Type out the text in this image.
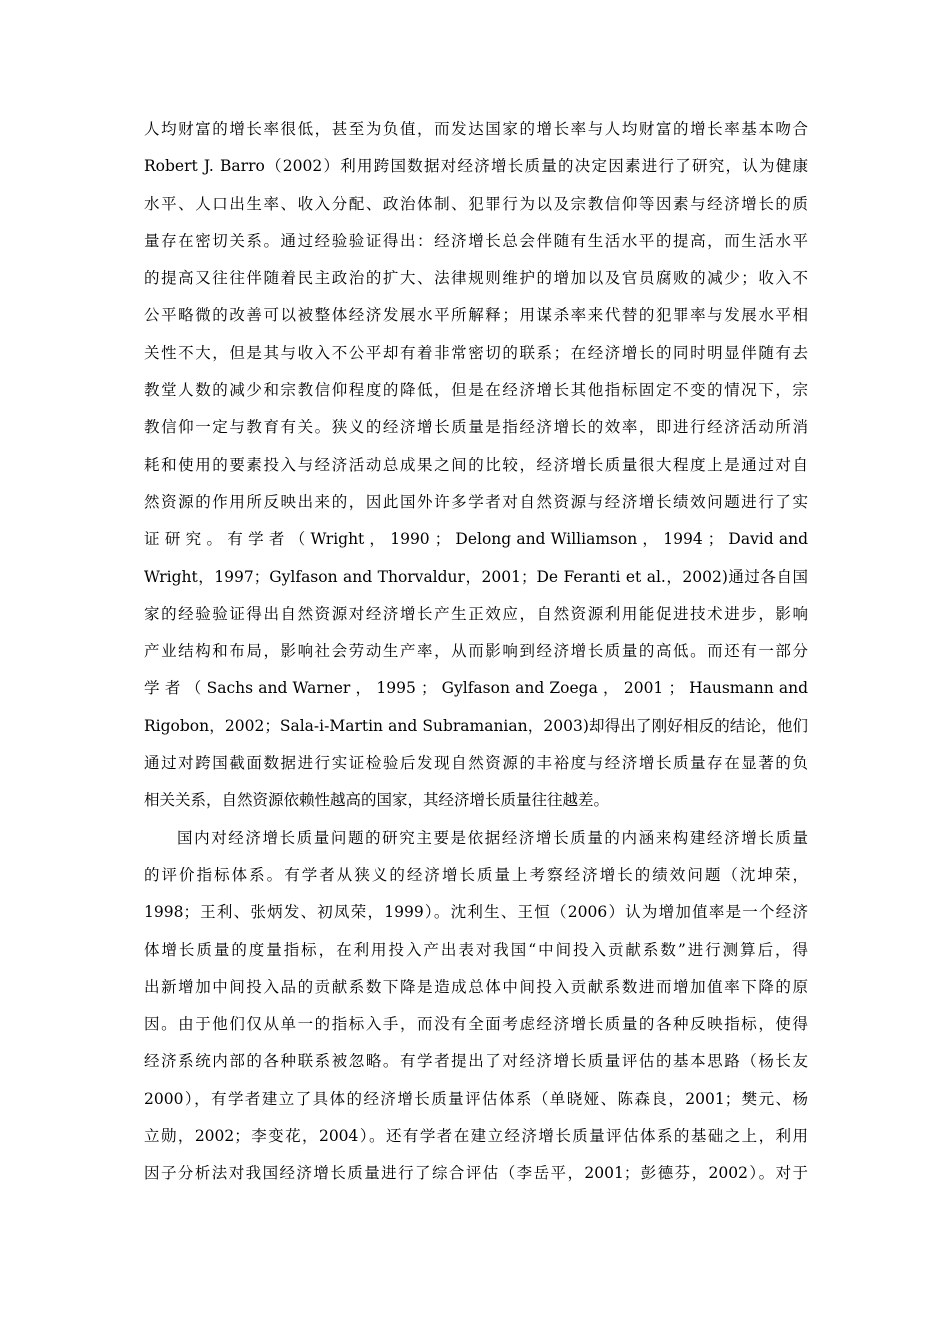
人均财富的增长率很低，甚至为负值，而发达国家的增长率与人均财富的增长率基本吻合
Robert J. Barro（2002）利用跨国数据对经济增长质量的决定因素进行了研究，认为健康
水平、人口出生率、收入分配、政治体制、犯罪行为以及宗教信仰等因素与经济增长的质
量存在密切关系。通过经验验证得出：经济增长总会伴随有生活水平的提高，而生活水平
的提高又往往伴随着民主政治的扩大、法律规则维护的增加以及官员腐败的减少；收入不
公平略微的改善可以被整体经济发展水平所解释；用谋杀率来代替的犯罪率与发展水平相
关性不大，但是其与收入不公平却有着非常密切的联系；在经济增长的同时明显伴随有去
教堂人数的减少和宗教信仰程度的降低，但是在经济增长其他指标固定不变的情况下，宗
教信仰一定与教育有关。狭义的经济增长质量是指经济增长的效率，即进行经济活动所消
耗和使用的要素投入与经济活动总成果之间的比较，经济增长质量很大程度上是通过对自
然资源的作用所反映出来的，因此国外许多学者对自然资源与经济增长绩效问题进行了实
证 研 究 。 有 学 者 （ Wright ， 1990 ； Delong and Williamson ， 1994 ； David and
Wright，1997；Gylfason and Thorvaldur，2001；De Feranti et al.，2002)通过各自国
家的经验验证得出自然资源对经济增长产生正效应，自然资源利用能促进技术进步，影响
产业结构和布局，影响社会劳动生产率，从而影响到经济增长质量的高低。而还有一部分
学 者 （ Sachs and Warner ， 1995 ； Gylfason and Zoega ， 2001 ； Hausmann and
Rigobon，2002；Sala-i-Martin and Subramanian，2003)却得出了刚好相反的结论，他们
通过对跨国截面数据进行实证检验后发现自然资源的丰裕度与经济增长质量存在显著的负
相关关系，自然资源依赖性越高的国家，其经济增长质量往往越差。
国内对经济增长质量问题的研究主要是依据经济增长质量的内涵来构建经济增长质量
的评价指标体系。有学者从狭义的经济增长质量上考察经济增长的绩效问题（沈坤荣，
1998；王利、张炳发、初凤荣，1999）。沈利生、王恒（2006）认为增加值率是一个经济
体增长质量的度量指标，在利用投入产出表对我国“中间投入贡献系数”进行测算后，得
出新增加中间投入品的贡献系数下降是造成总体中间投入贡献系数进而增加值率下降的原
因。由于他们仅从单一的指标入手，而没有全面考虑经济增长质量的各种反映指标，使得
经济系统内部的各种联系被忽略。有学者提出了对经济增长质量评估的基本思路（杨长友
2000），有学者建立了具体的经济增长质量评估体系（单晓娅、陈森良，2001；樊元、杨
立勋，2002；李变花，2004）。还有学者在建立经济增长质量评估体系的基础之上，利用
因子分析法对我国经济增长质量进行了综合评估（李岳平，2001；彭德芬，2002）。对于
